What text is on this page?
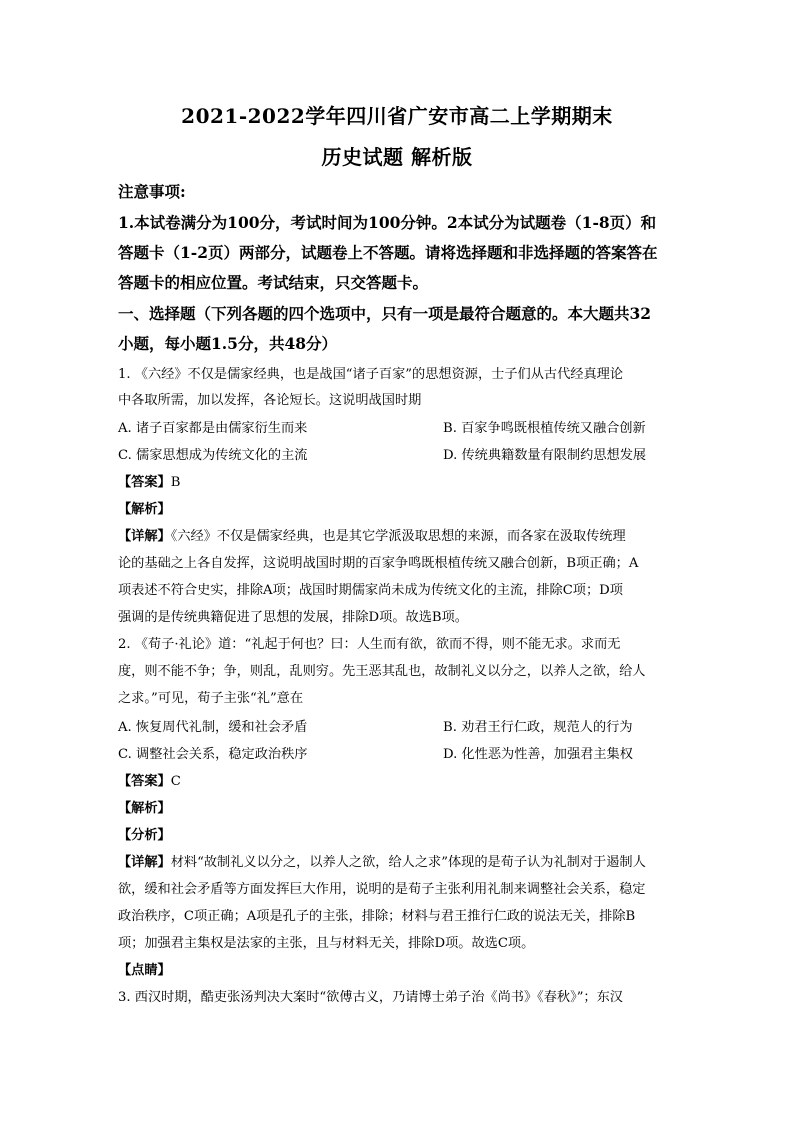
2021-2022学年四川省广安市高二上学期期末
历史试题 解析版
注意事项:
1.本试卷满分为100分，考试时间为100分钟。2本试分为试题卷（1-8页）和
答题卡（1-2页）两部分，试题卷上不答题。请将选择题和非选择题的答案答在
答题卡的相应位置。考试结束，只交答题卡。
一、选择题（下列各题的四个选项中，只有一项是最符合题意的。本大题共32
小题，每小题1.5分，共48分）
1. 《六经》不仅是儒家经典，也是战国“诸子百家”的思想资源，士子们从古代经真理论
中各取所需，加以发挥，各论短长。这说明战国时期
A. 诸子百家都是由儒家衍生而来	B. 百家争鸣既根植传统又融合创新
C. 儒家思想成为传统文化的主流	D. 传统典籍数量有限制约思想发展
【答案】B
【解析】
【详解】《六经》不仅是儒家经典，也是其它学派汲取思想的来源，而各家在汲取传统理
论的基础之上各自发挥，这说明战国时期的百家争鸣既根植传统又融合创新，B项正确；A
项表述不符合史实，排除A项；战国时期儒家尚未成为传统文化的主流，排除C项；D项
强调的是传统典籍促进了思想的发展，排除D项。故选B项。
2. 《荀子·礼论》道：“礼起于何也？曰：人生而有欲，欲而不得，则不能无求。求而无
度，则不能不争；争，则乱，乱则穷。先王恶其乱也，故制礼义以分之，以养人之欲，给人
之求。”可见，荀子主张“礼”意在
A. 恢复周代礼制，缓和社会矛盾	B. 劝君王行仁政，规范人的行为
C. 调整社会关系，稳定政治秩序	D. 化性恶为性善，加强君主集权
【答案】C
【解析】
【分析】
【详解】材料“故制礼义以分之，以养人之欲，给人之求”体现的是荀子认为礼制对于遏制人
欲，缓和社会矛盾等方面发挥巨大作用，说明的是荀子主张利用礼制来调整社会关系，稳定
政治秩序，C项正确；A项是孔子的主张，排除；材料与君王推行仁政的说法无关，排除B
项；加强君主集权是法家的主张，且与材料无关，排除D项。故选C项。
【点睛】
3. 西汉时期，酷吏张汤判决大案时“欲傅古义，乃请博士弟子治《尚书》《春秋》”；东汉
